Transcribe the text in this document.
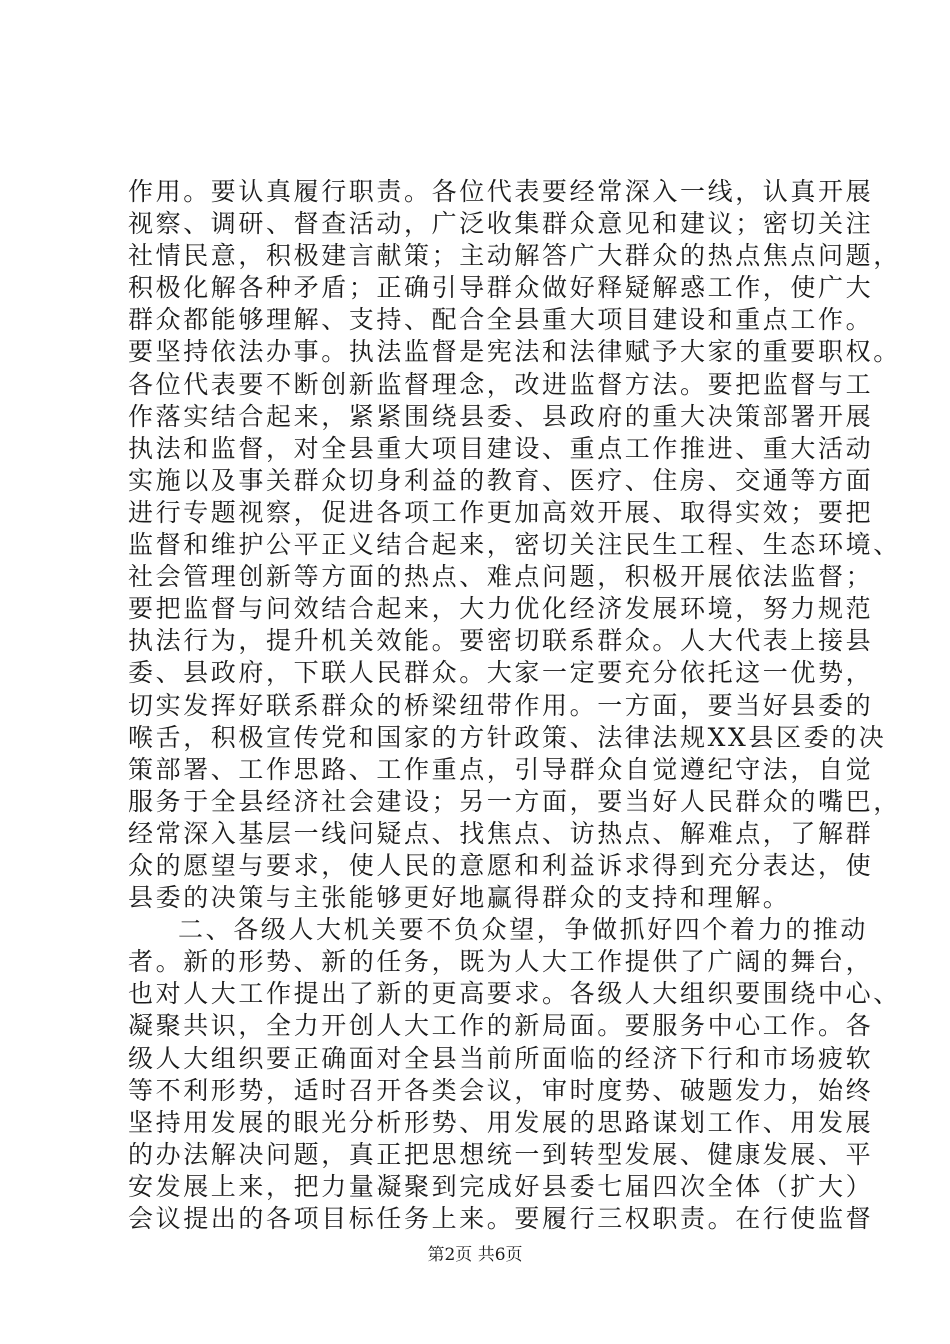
作用。要认真履行职责。各位代表要经常深入一线，认真开展
视察、调研、督查活动，广泛收集群众意见和建议；密切关注
社情民意，积极建言献策；主动解答广大群众的热点焦点问题，
积极化解各种矛盾；正确引导群众做好释疑解惑工作，使广大
群众都能够理解、支持、配合全县重大项目建设和重点工作。
要坚持依法办事。执法监督是宪法和法律赋予大家的重要职权。
各位代表要不断创新监督理念，改进监督方法。要把监督与工
作落实结合起来，紧紧围绕县委、县政府的重大决策部署开展
执法和监督，对全县重大项目建设、重点工作推进、重大活动
实施以及事关群众切身利益的教育、医疗、住房、交通等方面
进行专题视察，促进各项工作更加高效开展、取得实效；要把
监督和维护公平正义结合起来，密切关注民生工程、生态环境、
社会管理创新等方面的热点、难点问题，积极开展依法监督；
要把监督与问效结合起来，大力优化经济发展环境，努力规范
执法行为，提升机关效能。要密切联系群众。人大代表上接县
委、县政府，下联人民群众。大家一定要充分依托这一优势，
切实发挥好联系群众的桥梁纽带作用。一方面，要当好县委的
喉舌，积极宣传党和国家的方针政策、法律法规XX县区委的决
策部署、工作思路、工作重点，引导群众自觉遵纪守法，自觉
服务于全县经济社会建设；另一方面，要当好人民群众的嘴巴，
经常深入基层一线问疑点、找焦点、访热点、解难点，了解群
众的愿望与要求，使人民的意愿和利益诉求得到充分表达，使
县委的决策与主张能够更好地赢得群众的支持和理解。
二、各级人大机关要不负众望，争做抓好四个着力的推动
者。新的形势、新的任务，既为人大工作提供了广阔的舞台，
也对人大工作提出了新的更高要求。各级人大组织要围绕中心、
凝聚共识，全力开创人大工作的新局面。要服务中心工作。各
级人大组织要正确面对全县当前所面临的经济下行和市场疲软
等不利形势，适时召开各类会议，审时度势、破题发力，始终
坚持用发展的眼光分析形势、用发展的思路谋划工作、用发展
的办法解决问题，真正把思想统一到转型发展、健康发展、平
安发展上来，把力量凝聚到完成好县委七届四次全体（扩大）
会议提出的各项目标任务上来。要履行三权职责。在行使监督
第2页 共6页
